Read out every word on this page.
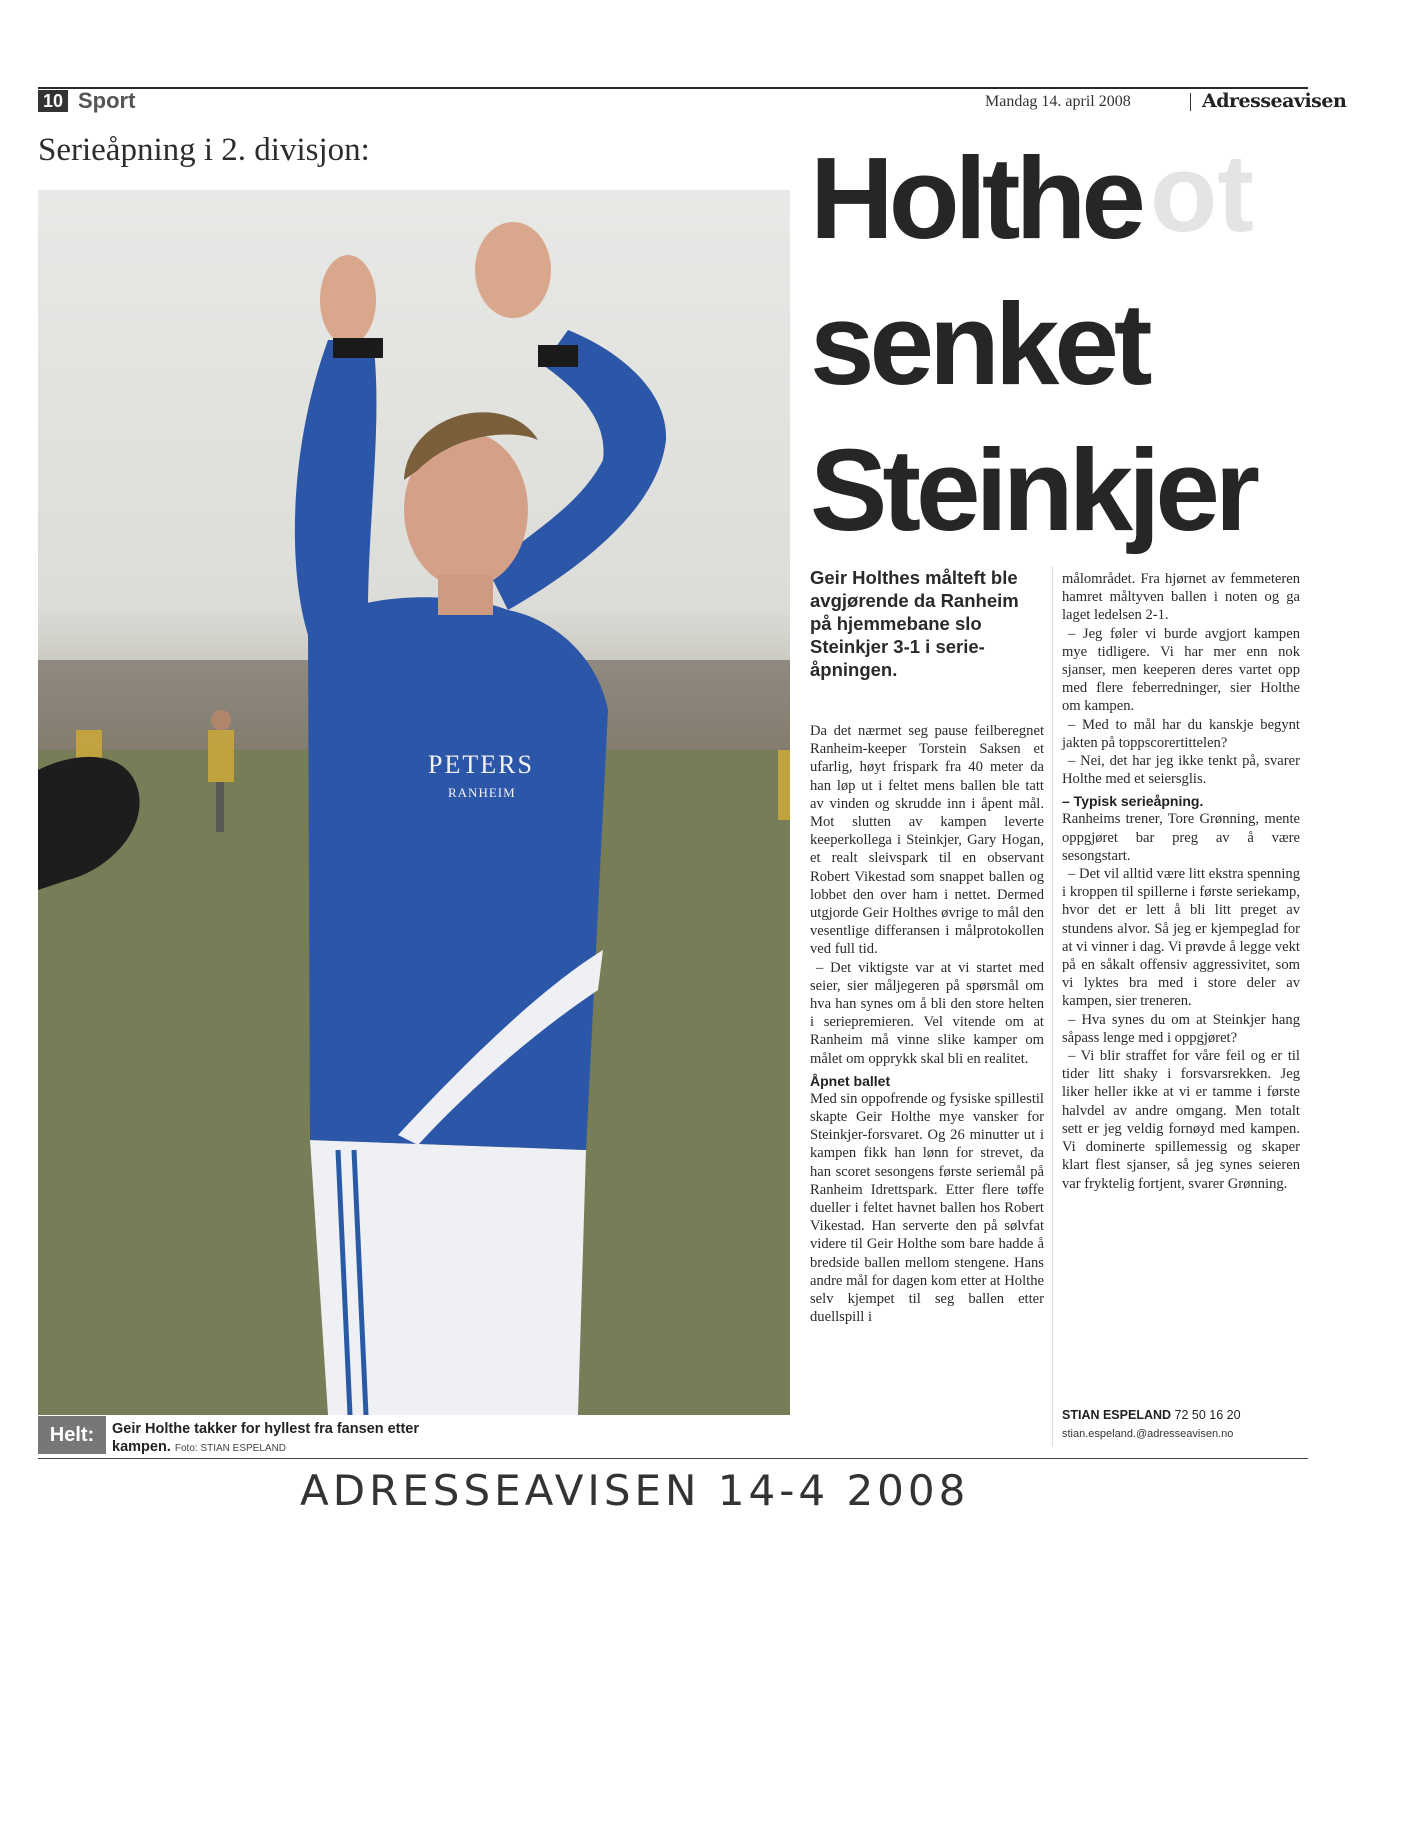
10 Sport	Mandag 14. april 2008	Adresseavisen
Serieåpning i 2. divisjon:
PETERS
RANHEIM
Helt:	Geir Holthe takker for hyllest fra fansen etter kampen. Foto: STIAN ESPELAND
ot
Holthe
senket
Steinkjer
Geir Holthes målteft ble avgjørende da Ranheim på hjemmebane slo Steinkjer 3-1 i serie-åpningen.

Da det nærmet seg pause feilberegnet Ranheim-keeper Torstein Saksen et ufarlig, høyt frispark fra 40 meter da han løp ut i feltet mens ballen ble tatt av vinden og skrudde inn i åpent mål. Mot slutten av kampen leverte keeperkollega i Steinkjer, Gary Hogan, et realt sleivspark til en observant Robert Vikestad som snappet ballen og lobbet den over ham i nettet. Dermed utgjorde Geir Holthes øvrige to mål den vesentlige differansen i målprotokollen ved full tid.

– Det viktigste var at vi startet med seier, sier måljegeren på spørsmål om hva han synes om å bli den store helten i seriepremieren. Vel vitende om at Ranheim må vinne slike kamper om målet om opprykk skal bli en realitet.

Åpnet ballet

Med sin oppofrende og fysiske spillestil skapte Geir Holthe mye vansker for Steinkjer-forsvaret. Og 26 minutter ut i kampen fikk han lønn for strevet, da han scoret sesongens første seriemål på Ranheim Idrettspark. Etter flere tøffe dueller i feltet havnet ballen hos Robert Vikestad. Han serverte den på sølvfat videre til Geir Holthe som bare hadde å bredside ballen mellom stengene. Hans andre mål for dagen kom etter at Holthe selv kjempet til seg ballen etter duellspill i

målområdet. Fra hjørnet av femmeteren hamret måltyven ballen i noten og ga laget ledelsen 2-1.

– Jeg føler vi burde avgjort kampen mye tidligere. Vi har mer enn nok sjanser, men keeperen deres vartet opp med flere feberredninger, sier Holthe om kampen.

– Med to mål har du kanskje begynt jakten på toppscorertittelen?

– Nei, det har jeg ikke tenkt på, svarer Holthe med et seiersglis.

– Typisk serieåpning.

Ranheims trener, Tore Grønning, mente oppgjøret bar preg av å være sesongstart.

– Det vil alltid være litt ekstra spenning i kroppen til spillerne i første seriekamp, hvor det er lett å bli litt preget av stundens alvor. Så jeg er kjempeglad for at vi vinner i dag. Vi prøvde å legge vekt på en såkalt offensiv aggressivitet, som vi lyktes bra med i store deler av kampen, sier treneren.

– Hva synes du om at Steinkjer hang såpass lenge med i oppgjøret?

– Vi blir straffet for våre feil og er til tider litt shaky i forsvarsrekken. Jeg liker heller ikke at vi er tamme i første halvdel av andre omgang. Men totalt sett er jeg veldig fornøyd med kampen. Vi dominerte spillemessig og skaper klart flest sjanser, så jeg synes seieren var fryktelig fortjent, svarer Grønning.

STIAN ESPELAND 72 50 16 20
stian.espeland.@adresseavisen.no
ADRESSEAVISEN 14-4 2008
